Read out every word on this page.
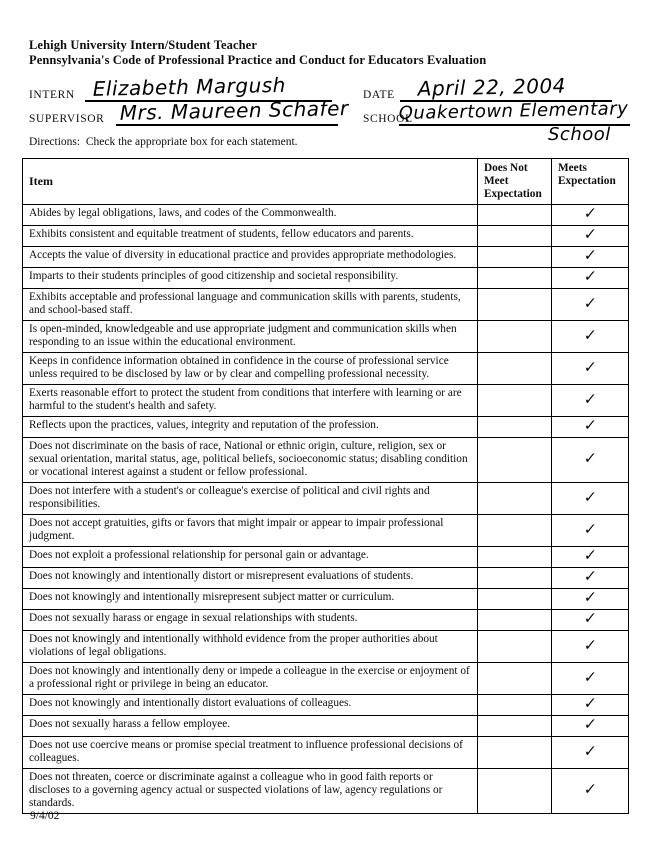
Lehigh University Intern/Student Teacher
Pennsylvania's Code of Professional Practice and Conduct for Educators Evaluation
INTERN Elizabeth Margush	DATE	April 22, 2004
SUPERVISOR Mrs. Maureen Schafer SCHOOL
Quakertown Elementary
School
Directions:  Check the appropriate box for each statement.
Item	Does Not Meet Expectation	Meets Expectation
Abides by legal obligations, laws, and codes of the Commonwealth.		✓
Exhibits consistent and equitable treatment of students, fellow educators and parents.		✓
Accepts the value of diversity in educational practice and provides appropriate methodologies.		✓
Imparts to their students principles of good citizenship and societal responsibility.		✓
Exhibits acceptable and professional language and communication skills with parents, students, and school-based staff.		✓
Is open-minded, knowledgeable and use appropriate judgment and communication skills when responding to an issue within the educational environment.		✓
Keeps in confidence information obtained in confidence in the course of professional service unless required to be disclosed by law or by clear and compelling professional necessity.		✓
Exerts reasonable effort to protect the student from conditions that interfere with learning or are harmful to the student's health and safety.		✓
Reflects upon the practices, values, integrity and reputation of the profession.		✓
Does not discriminate on the basis of race, National or ethnic origin, culture, religion, sex or sexual orientation, marital status, age, political beliefs, socioeconomic status; disabling condition or vocational interest against a student or fellow professional.		✓
Does not interfere with a student's or colleague's exercise of political and civil rights and responsibilities.		✓
Does not accept gratuities, gifts or favors that might impair or appear to impair professional judgment.		✓
Does not exploit a professional relationship for personal gain or advantage.		✓
Does not knowingly and intentionally distort or misrepresent evaluations of students.		✓
Does not knowingly and intentionally misrepresent subject matter or curriculum.		✓
Does not sexually harass or engage in sexual relationships with students.		✓
Does not knowingly and intentionally withhold evidence from the proper authorities about violations of legal obligations.		✓
Does not knowingly and intentionally deny or impede a colleague in the exercise or enjoyment of a professional right or privilege in being an educator.		✓
Does not knowingly and intentionally distort evaluations of colleagues.		✓
Does not sexually harass a fellow employee.		✓
Does not use coercive means or promise special treatment to influence professional decisions of colleagues.		✓
Does not threaten, coerce or discriminate against a colleague who in good faith reports or discloses to a governing agency actual or suspected violations of law, agency regulations or standards.		✓
9/4/02
